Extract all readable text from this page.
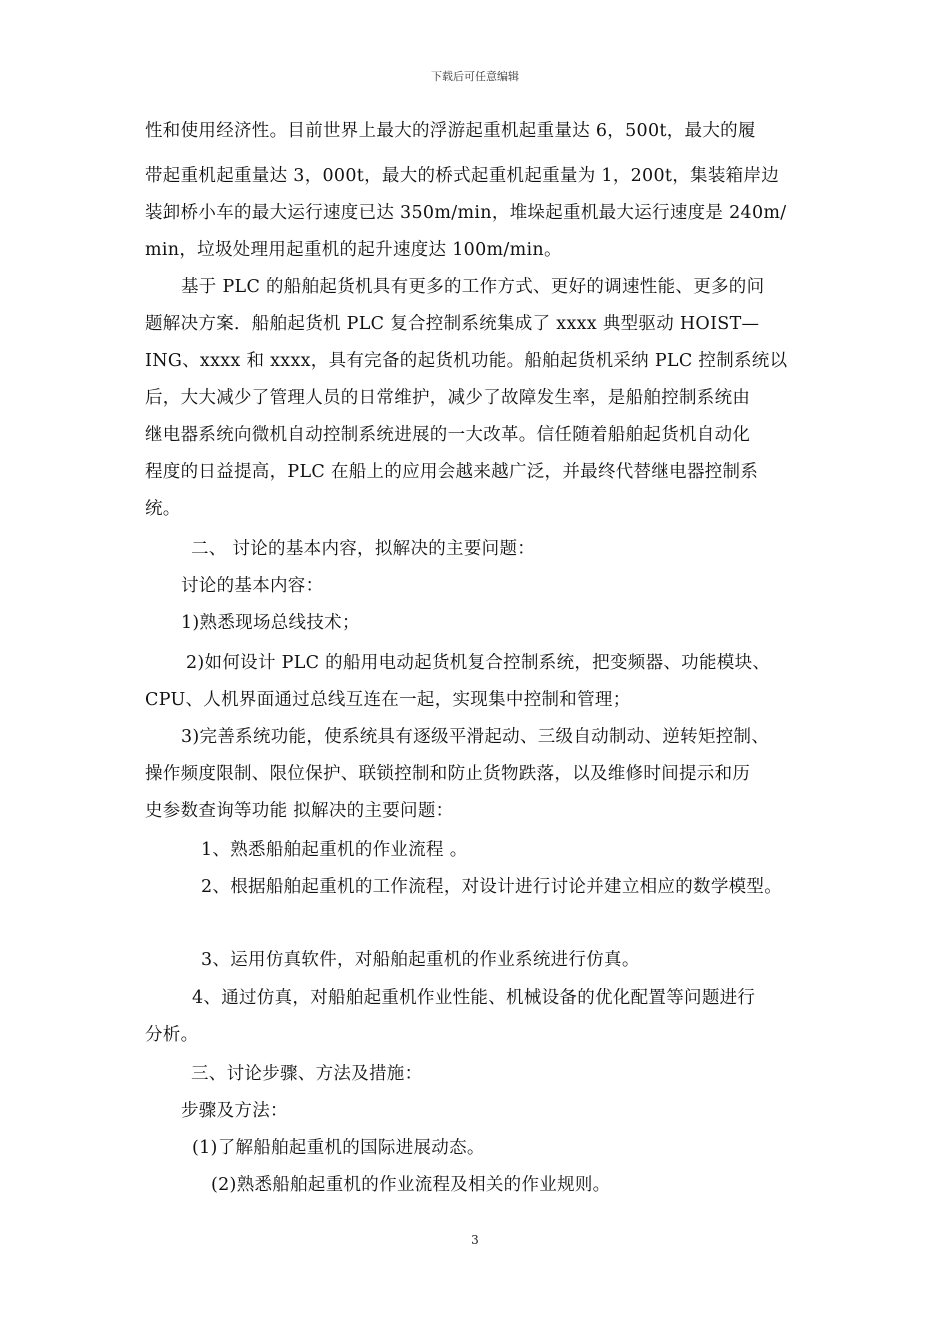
下载后可任意编辑
性和使用经济性。目前世界上最大的浮游起重机起重量达 6，500t，最大的履
带起重机起重量达 3，000t，最大的桥式起重机起重量为 1，200t，集装箱岸边
装卸桥小车的最大运行速度已达 350m/min，堆垛起重机最大运行速度是 240m/
min，垃圾处理用起重机的起升速度达 100m/min。
基于 PLC 的船舶起货机具有更多的工作方式、更好的调速性能、更多的问
题解决方案．船舶起货机 PLC 复合控制系统集成了 xxxx 典型驱动 HOIST—
ING、xxxx 和 xxxx，具有完备的起货机功能。船舶起货机采纳 PLC 控制系统以
后，大大减少了管理人员的日常维护，减少了故障发生率，是船舶控制系统由
继电器系统向微机自动控制系统进展的一大改革。信任随着船舶起货机自动化
程度的日益提高，PLC 在船上的应用会越来越广泛，并最终代替继电器控制系
统。
二、 讨论的基本内容，拟解决的主要问题：
讨论的基本内容：
1)熟悉现场总线技术；
2)如何设计 PLC 的船用电动起货机复合控制系统，把变频器、功能模块、
CPU、人机界面通过总线互连在一起，实现集中控制和管理；
3)完善系统功能，使系统具有逐级平滑起动、三级自动制动、逆转矩控制、
操作频度限制、限位保护、联锁控制和防止货物跌落，以及维修时间提示和历
史参数查询等功能 拟解决的主要问题：
1、熟悉船舶起重机的作业流程 。
2、根据船舶起重机的工作流程，对设计进行讨论并建立相应的数学模型。
3、运用仿真软件，对船舶起重机的作业系统进行仿真。
4、通过仿真，对船舶起重机作业性能、机械设备的优化配置等问题进行
分析。
三、讨论步骤、方法及措施：
步骤及方法：
(1)了解船舶起重机的国际进展动态。
(2)熟悉船舶起重机的作业流程及相关的作业规则。
3
